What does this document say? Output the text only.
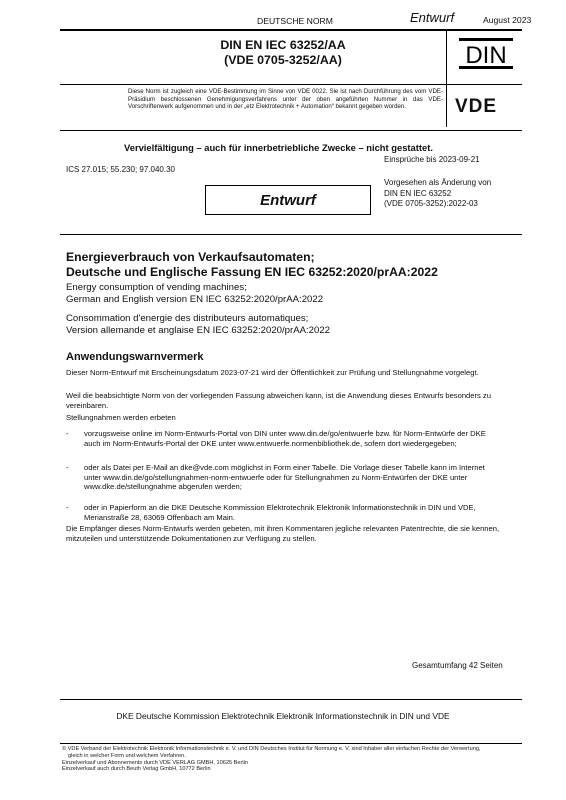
DEUTSCHE NORM	Entwurf	August 2023
DIN EN IEC 63252/AA
(VDE 0705-3252/AA)	DIN
Diese Norm ist zugleich eine VDE-Bestimmung im Sinne von VDE 0022. Sie ist nach Durchführung des vom VDE-Präsidium beschlossenen Genehmigungsverfahrens unter der oben angeführten Nummer in das VDE-Vorschriftenwerk aufgenommen und in der „etz Elektrotechnik + Automation“ bekannt gegeben worden.	VDE
Vervielfältigung – auch für innerbetriebliche Zwecke – nicht gestattet.
Einsprüche bis 2023-09-21
ICS 27.015; 55.230; 97.040.30
Vorgesehen als Änderung von
DIN EN IEC 63252
(VDE 0705-3252):2022-03
Entwurf
Energieverbrauch von Verkaufsautomaten;
Deutsche und Englische Fassung EN IEC 63252:2020/prAA:2022
Energy consumption of vending machines;
German and English version EN IEC 63252:2020/prAA:2022
Consommation d'energie des distributeurs automatiques;
Version allemande et anglaise EN IEC 63252:2020/prAA:2022
Anwendungswarnvermerk
Dieser Norm-Entwurf mit Erscheinungsdatum 2023-07-21 wird der Öffentlichkeit zur Prüfung und Stellungnahme vorgelegt.
Weil die beabsichtigte Norm von der vorliegenden Fassung abweichen kann, ist die Anwendung dieses Entwurfs besonders zu vereinbaren.
Stellungnahmen werden erbeten
- vorzugsweise online im Norm-Entwurfs-Portal von DIN unter www.din.de/go/entwuerfe bzw. für Norm-Entwürfe der DKE auch im Norm-Entwurfs-Portal der DKE unter www.entwuerfe.normenbibliothek.de, sofern dort wiedergegeben;
- oder als Datei per E-Mail an dke@vde.com möglichst in Form einer Tabelle. Die Vorlage dieser Tabelle kann im Internet unter www.din.de/go/stellungnahmen-norm-entwuerfe oder für Stellungnahmen zu Norm-Entwürfen der DKE unter www.dke.de/stellungnahme abgerufen werden;
- oder in Papierform an die DKE Deutsche Kommission Elektrotechnik Elektronik Informationstechnik in DIN und VDE, Merianstraße 28, 63069 Offenbach am Main.
Die Empfänger dieses Norm-Entwurfs werden gebeten, mit ihren Kommentaren jegliche relevanten Patentrechte, die sie kennen, mitzuteilen und unterstützende Dokumentationen zur Verfügung zu stellen.
Gesamtumfang 42 Seiten
DKE Deutsche Kommission Elektrotechnik Elektronik Informationstechnik in DIN und VDE
© VDE Verband der Elektrotechnik Elektronik Informationstechnik e. V. und DIN Deutsches Institut für Normung e. V. sind Inhaber aller einfachen Rechte der Verwertung,
gleich in welcher Form und welchem Verfahren.
Einzelverkauf und Abonnements durch VDE VERLAG GMBH, 10625 Berlin
Einzelverkauf auch durch Beuth Verlag GmbH, 10772 Berlin
